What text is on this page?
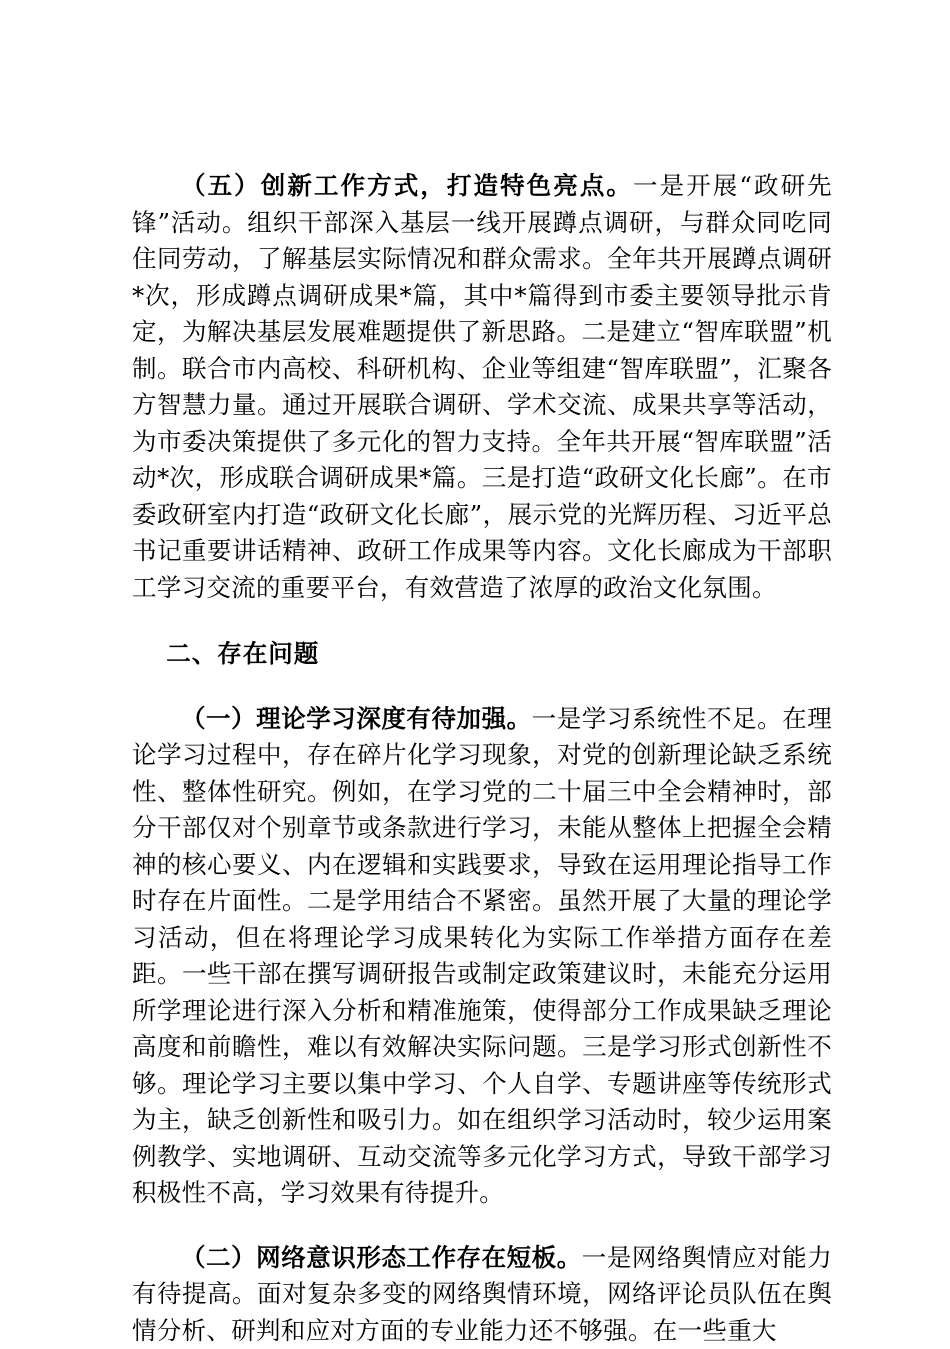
（五）创新工作方式，打造特色亮点。一是开展“政研先锋”活动。组织干部深入基层一线开展蹲点调研，与群众同吃同住同劳动，了解基层实际情况和群众需求。全年共开展蹲点调研*次，形成蹲点调研成果*篇，其中*篇得到市委主要领导批示肯定，为解决基层发展难题提供了新思路。二是建立“智库联盟”机制。联合市内高校、科研机构、企业等组建“智库联盟”，汇聚各方智慧力量。通过开展联合调研、学术交流、成果共享等活动，为市委决策提供了多元化的智力支持。全年共开展“智库联盟”活动*次，形成联合调研成果*篇。三是打造“政研文化长廊”。在市委政研室内打造“政研文化长廊”，展示党的光辉历程、习近平总书记重要讲话精神、政研工作成果等内容。文化长廊成为干部职工学习交流的重要平台，有效营造了浓厚的政治文化氛围。

二、存在问题

（一）理论学习深度有待加强。一是学习系统性不足。在理论学习过程中，存在碎片化学习现象，对党的创新理论缺乏系统性、整体性研究。例如，在学习党的二十届三中全会精神时，部分干部仅对个别章节或条款进行学习，未能从整体上把握全会精神的核心要义、内在逻辑和实践要求，导致在运用理论指导工作时存在片面性。二是学用结合不紧密。虽然开展了大量的理论学习活动，但在将理论学习成果转化为实际工作举措方面存在差距。一些干部在撰写调研报告或制定政策建议时，未能充分运用所学理论进行深入分析和精准施策，使得部分工作成果缺乏理论高度和前瞻性，难以有效解决实际问题。三是学习形式创新性不够。理论学习主要以集中学习、个人自学、专题讲座等传统形式为主，缺乏创新性和吸引力。如在组织学习活动时，较少运用案例教学、实地调研、互动交流等多元化学习方式，导致干部学习积极性不高，学习效果有待提升。

（二）网络意识形态工作存在短板。一是网络舆情应对能力有待提高。面对复杂多变的网络舆情环境，网络评论员队伍在舆情分析、研判和应对方面的专业能力还不够强。在一些重大
